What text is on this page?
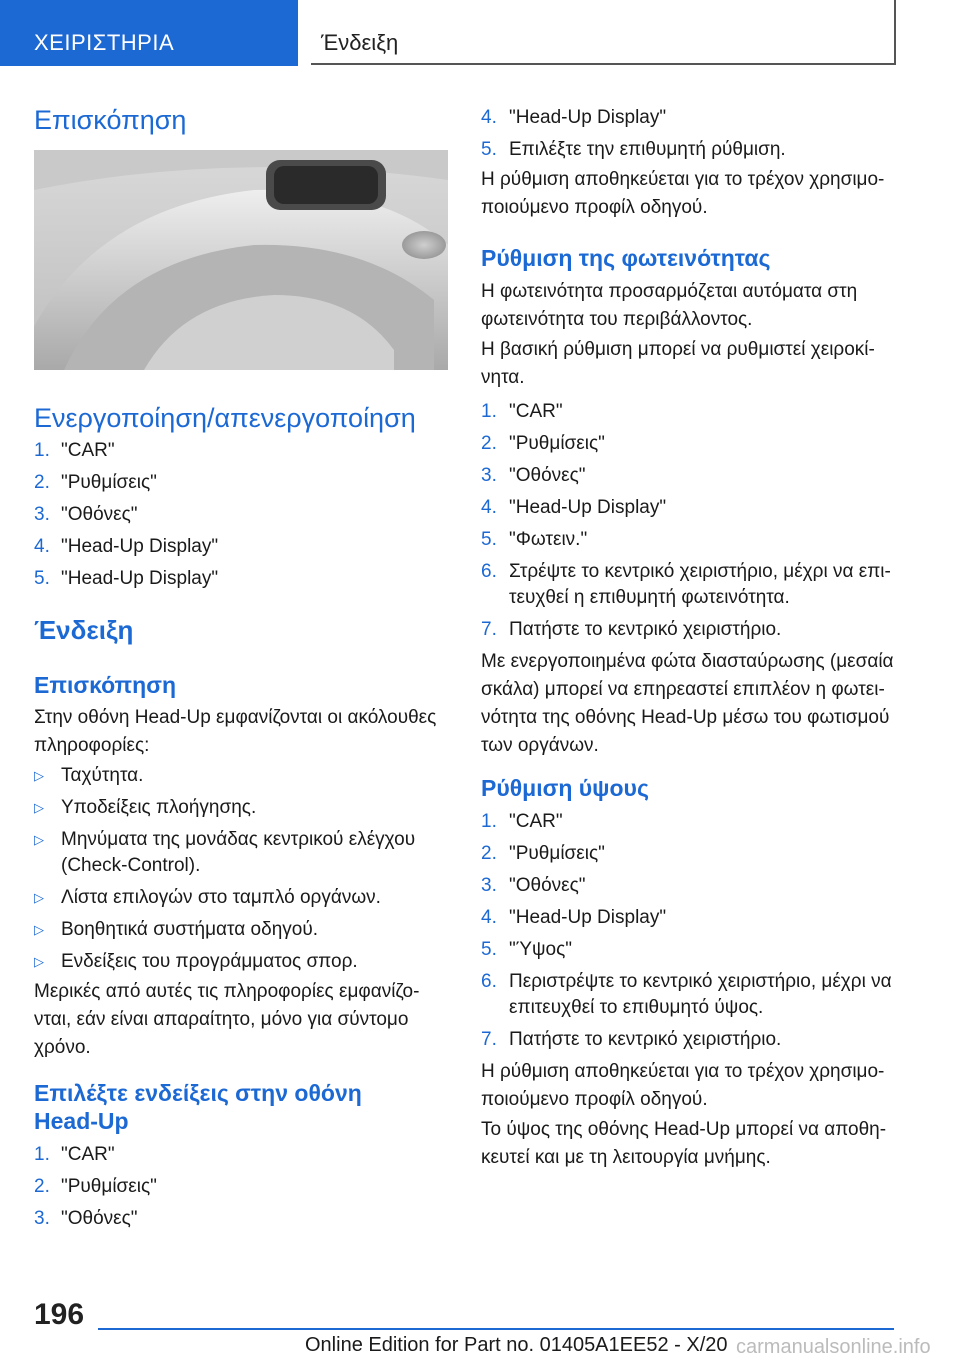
ΧΕΙΡΙΣΤΗΡΙΑ	Ένδειξη
Επισκόπηση
Ενεργοποίηση/απενεργοποίηση
1. "CAR"
2. "Ρυθμίσεις"
3. "Οθόνες"
4. "Head-Up Display"
5. "Head-Up Display"
Ένδειξη
Επισκόπηση
Στην οθόνη Head-Up εμφανίζονται οι ακόλουθες
πληροφορίες:
▷ Ταχύτητα.
▷ Υποδείξεις πλοήγησης.
▷ Μηνύματα της μονάδας κεντρικού ελέγχου
(Check-Control).
▷ Λίστα επιλογών στο ταμπλό οργάνων.
▷ Βοηθητικά συστήματα οδηγού.
▷ Ενδείξεις του προγράμματος σπορ.
Μερικές από αυτές τις πληροφορίες εμφανίζο-
νται, εάν είναι απαραίτητο, μόνο για σύντομο
χρόνο.
Επιλέξτε ενδείξεις στην οθόνη
Head-Up
1. "CAR"
2. "Ρυθμίσεις"
3. "Οθόνες"
4. "Head-Up Display"
5. Επιλέξτε την επιθυμητή ρύθμιση.
Η ρύθμιση αποθηκεύεται για το τρέχον χρησιμο-
ποιούμενο προφίλ οδηγού.
Ρύθμιση της φωτεινότητας
Η φωτεινότητα προσαρμόζεται αυτόματα στη
φωτεινότητα του περιβάλλοντος.
Η βασική ρύθμιση μπορεί να ρυθμιστεί χειροκί-
νητα.
1. "CAR"
2. "Ρυθμίσεις"
3. "Οθόνες"
4. "Head-Up Display"
5. "Φωτειν."
6. Στρέψτε το κεντρικό χειριστήριο, μέχρι να επι-
τευχθεί η επιθυμητή φωτεινότητα.
7. Πατήστε το κεντρικό χειριστήριο.
Με ενεργοποιημένα φώτα διασταύρωσης (μεσαία
σκάλα) μπορεί να επηρεαστεί επιπλέον η φωτει-
νότητα της οθόνης Head-Up μέσω του φωτισμού
των οργάνων.
Ρύθμιση ύψους
1. "CAR"
2. "Ρυθμίσεις"
3. "Οθόνες"
4. "Head-Up Display"
5. "Ύψος"
6. Περιστρέψτε το κεντρικό χειριστήριο, μέχρι να
επιτευχθεί το επιθυμητό ύψος.
7. Πατήστε το κεντρικό χειριστήριο.
Η ρύθμιση αποθηκεύεται για το τρέχον χρησιμο-
ποιούμενο προφίλ οδηγού.
Το ύψος της οθόνης Head-Up μπορεί να αποθη-
κευτεί και με τη λειτουργία μνήμης.
196
Online Edition for Part no. 01405A1EE52 - X/20 carmanualsonline.info
